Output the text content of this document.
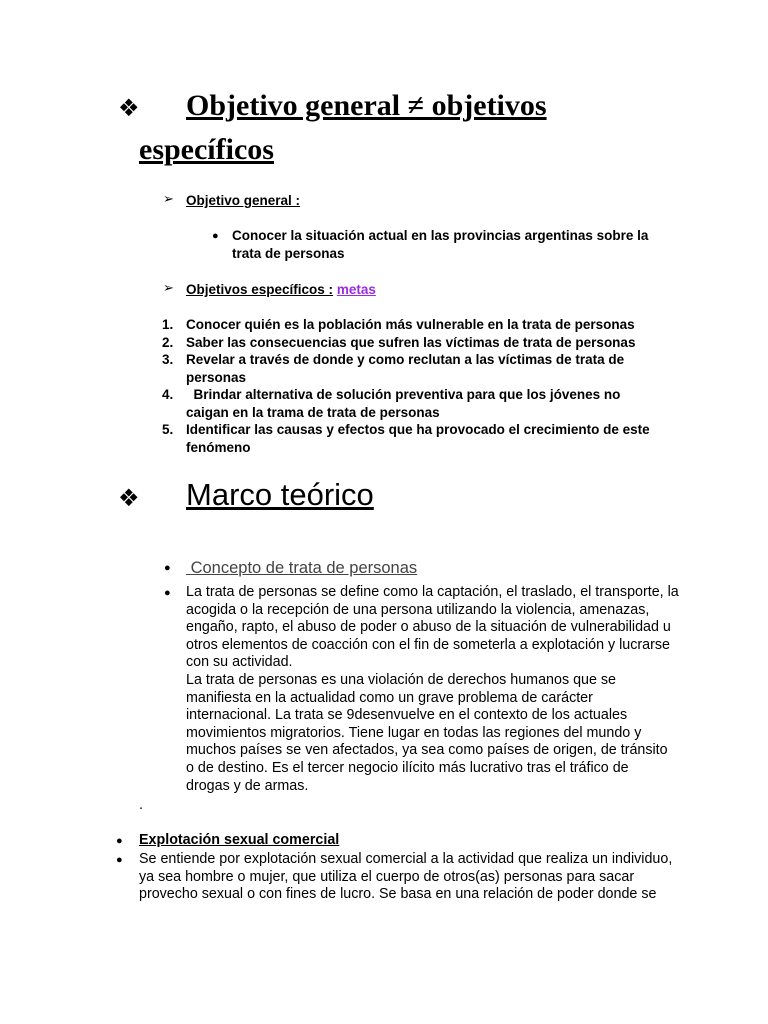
❖ Objetivo general ≠ objetivos
específicos
➢ Objetivo general :
● Conocer la situación actual en las provincias argentinas sobre la
trata de personas
➢ Objetivos específicos : metas
1. Conocer quién es la población más vulnerable en la trata de personas
2. Saber las consecuencias que sufren las víctimas de trata de personas
3. Revelar a través de donde y como reclutan a las víctimas de trata de
personas
4. Brindar alternativa de solución preventiva para que los jóvenes no
caigan en la trama de trata de personas
5. Identificar las causas y efectos que ha provocado el crecimiento de este
fenómeno
❖ Marco teórico
● Concepto de trata de personas
● La trata de personas se define como la captación, el traslado, el transporte, la
acogida o la recepción de una persona utilizando la violencia, amenazas,
engaño, rapto, el abuso de poder o abuso de la situación de vulnerabilidad u
otros elementos de coacción con el fin de someterla a explotación y lucrarse
con su actividad.
La trata de personas es una violación de derechos humanos que se
manifiesta en la actualidad como un grave problema de carácter
internacional. La trata se 9desenvuelve en el contexto de los actuales
movimientos migratorios. Tiene lugar en todas las regiones del mundo y
muchos países se ven afectados, ya sea como países de origen, de tránsito
o de destino. Es el tercer negocio ilícito más lucrativo tras el tráfico de
drogas y de armas.
.
● Explotación sexual comercial
● Se entiende por explotación sexual comercial a la actividad que realiza un individuo,
ya sea hombre o mujer, que utiliza el cuerpo de otros(as) personas para sacar
provecho sexual o con fines de lucro. Se basa en una relación de poder donde se
